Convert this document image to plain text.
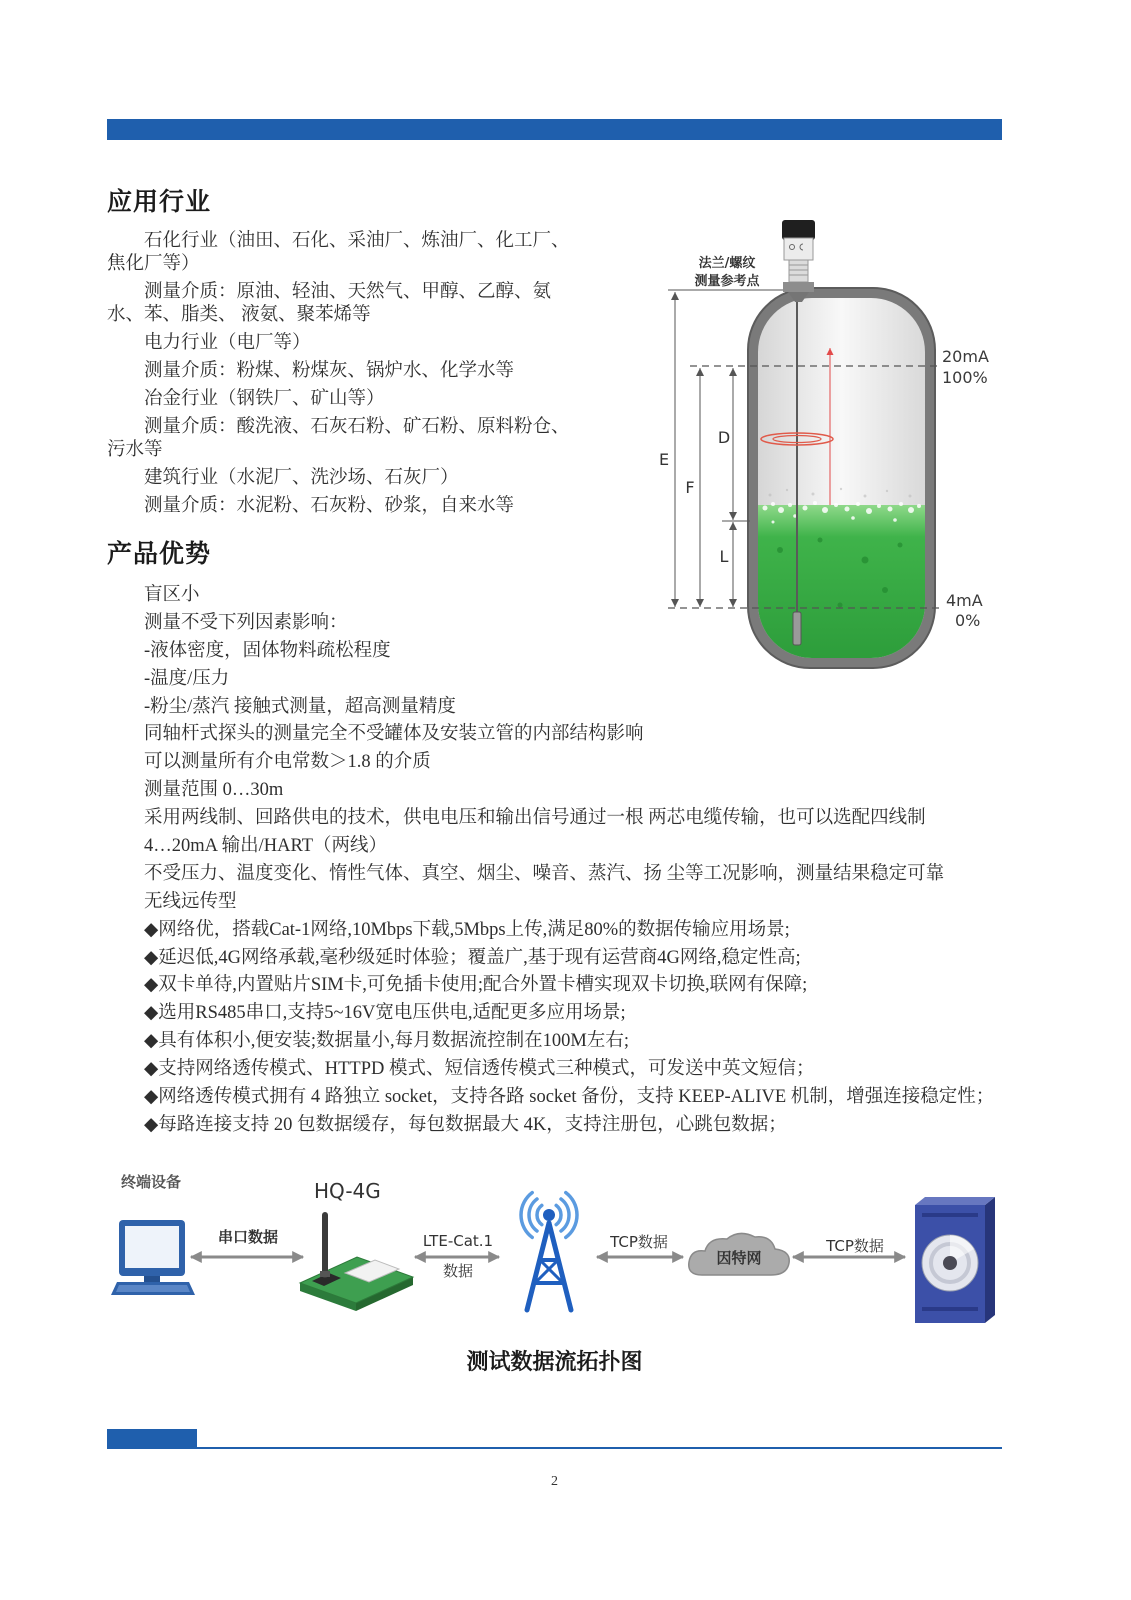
应用行业
石化行业（油田、石化、采油厂、炼油厂、化工厂、
焦化厂等）
测量介质：原油、轻油、天然气、甲醇、乙醇、氨
水、苯、脂类、 液氨、聚苯烯等
电力行业（电厂等）
测量介质：粉煤、粉煤灰、锅炉水、化学水等
冶金行业（钢铁厂、矿山等）
测量介质：酸洗液、石灰石粉、矿石粉、原料粉仓、
污水等
建筑行业（水泥厂、洗沙场、石灰厂）
测量介质：水泥粉、石灰粉、砂浆，自来水等
产品优势
盲区小
测量不受下列因素影响：
-液体密度，固体物料疏松程度
-温度/压力
-粉尘/蒸汽 接触式测量，超高测量精度
同轴杆式探头的测量完全不受罐体及安装立管的内部结构影响
可以测量所有介电常数＞1.8 的介质
测量范围 0…30m
采用两线制、回路供电的技术，供电电压和输出信号通过一根 两芯电缆传输，也可以选配四线制
4…20mA 输出/HART（两线）
不受压力、温度变化、惰性气体、真空、烟尘、噪音、蒸汽、扬 尘等工况影响，测量结果稳定可靠
无线远传型
◆网络优，搭载Cat-1网络,10Mbps下载,5Mbps上传,满足80%的数据传输应用场景;
◆延迟低,4G网络承载,毫秒级延时体验；覆盖广,基于现有运营商4G网络,稳定性高;
◆双卡单待,内置贴片SIM卡,可免插卡使用;配合外置卡槽实现双卡切换,联网有保障;
◆选用RS485串口,支持5~16V宽电压供电,适配更多应用场景;
◆具有体积小,便安装;数据量小,每月数据流控制在100M左右;
◆支持网络透传模式、HTTPD 模式、短信透传模式三种模式，可发送中英文短信；
◆网络透传模式拥有 4 路独立 socket，支持各路 socket 备份，支持 KEEP-ALIVE 机制，增强连接稳定性；
◆每路连接支持 20 包数据缓存，每包数据最大 4K，支持注册包，心跳包数据；
法兰/螺纹
测量参考点
20mA
100%
4mA
0%
E
F
D
L
终端设备
串口数据
HQ-4G
LTE-Cat.1
数据
TCP数据
因特网
TCP数据
测试数据流拓扑图
2
